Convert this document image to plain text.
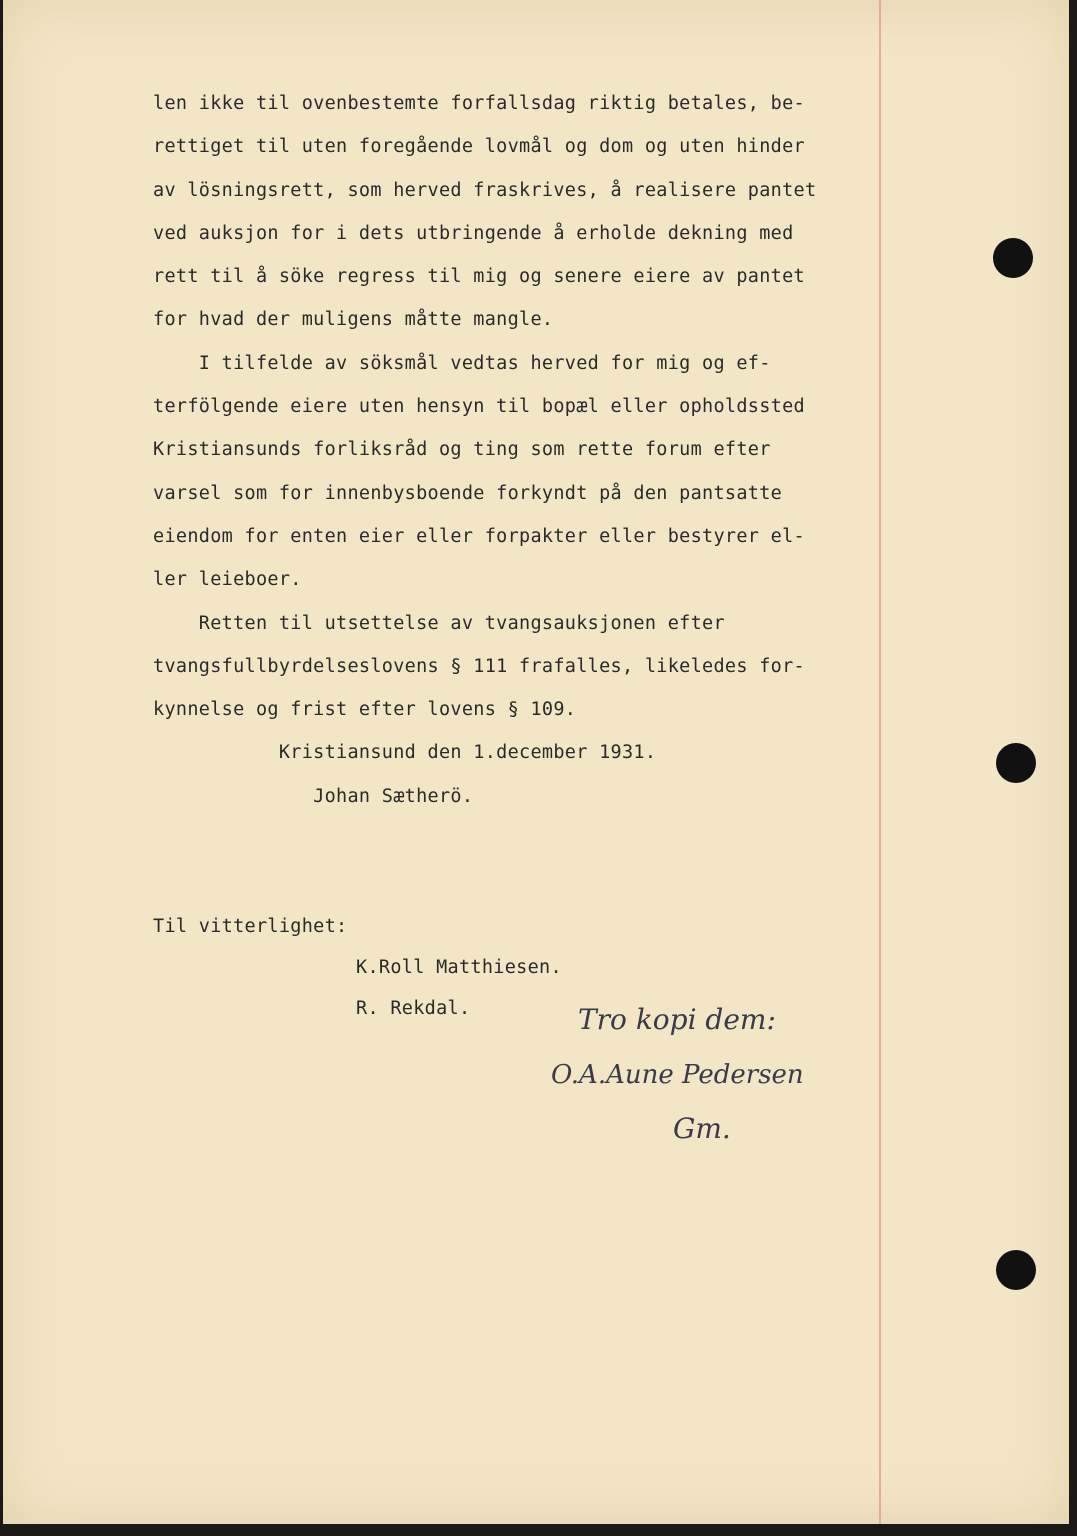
len ikke til ovenbestemte forfallsdag riktig betales, be-
rettiget til uten foregående lovmål og dom og uten hinder
av lösningsrett, som herved fraskrives, å realisere pantet
ved auksjon for i dets utbringende å erholde dekning med
rett til å söke regress til mig og senere eiere av pantet
for hvad der muligens måtte mangle.
I tilfelde av söksmål vedtas herved for mig og ef-
terfölgende eiere uten hensyn til bopæl eller opholdssted
Kristiansunds forliksråd og ting som rette forum efter
varsel som for innenbysboende forkyndt på den pantsatte
eiendom for enten eier eller forpakter eller bestyrer el-
ler leieboer.
Retten til utsettelse av tvangsauksjonen efter
tvangsfullbyrdelseslovens § 111 frafalles, likeledes for-
kynnelse og frist efter lovens § 109.
Kristiansund den 1.december 1931.
Johan Sætherö.
Til vitterlighet:
K.Roll Matthiesen.
R. Rekdal.	Tro kopi dem:
O.A.Aune Pedersen
Gm.
